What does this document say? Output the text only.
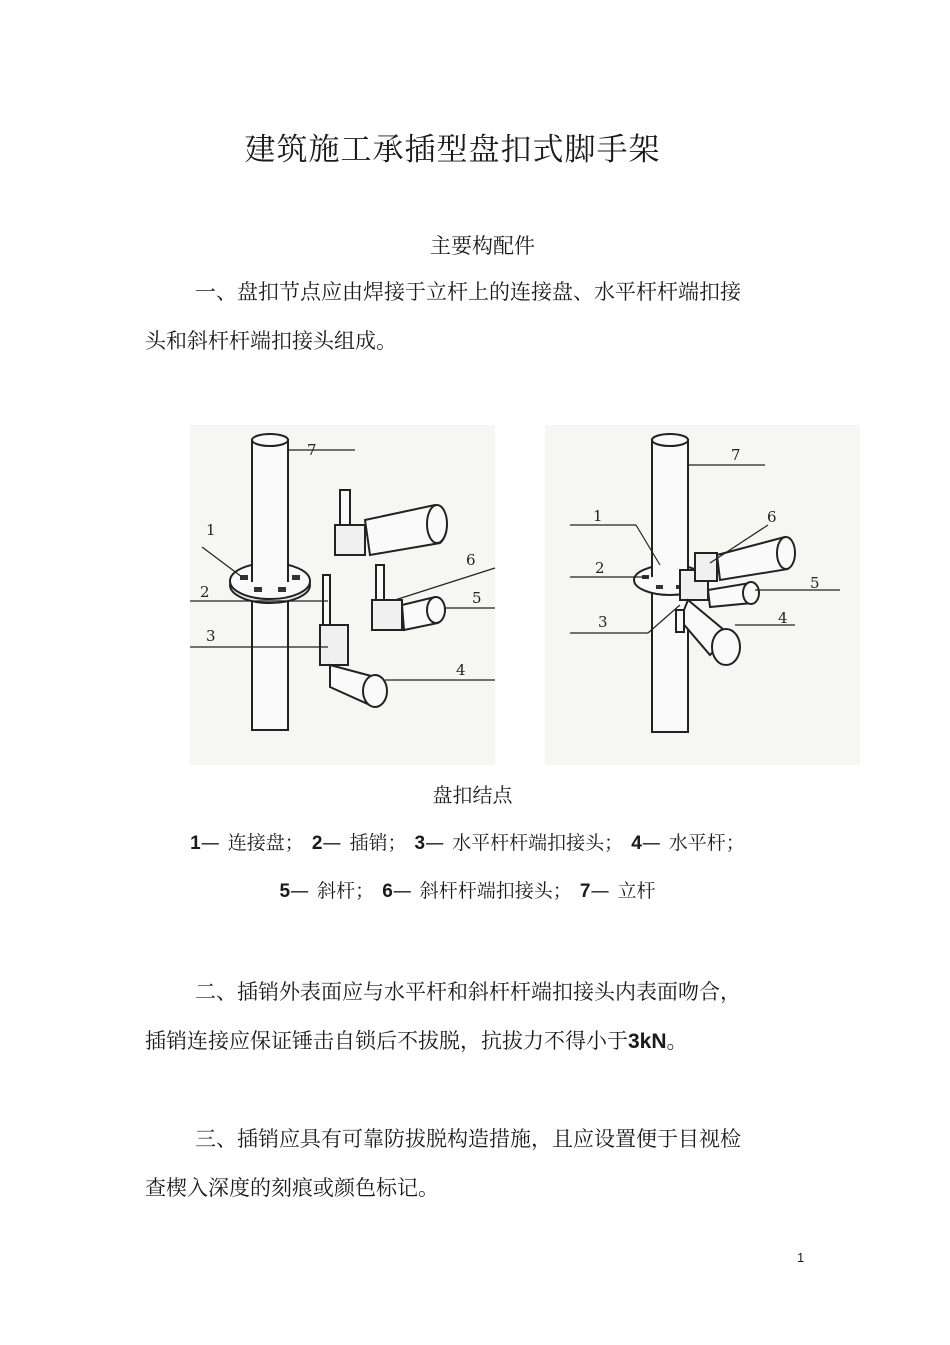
建筑施工承插型盘扣式脚手架
主要构配件

一、盘扣节点应由焊接于立杆上的连接盘、水平杆杆端扣接头和斜杆杆端扣接头组成。

7
1
2
3
4
5
6
7
1
2
3	4
5
6
盘扣结点
1— 连接盘； 2— 插销； 3— 水平杆杆端扣接头； 4— 水平杆；
5— 斜杆； 6— 斜杆杆端扣接头； 7— 立杆

二、插销外表面应与水平杆和斜杆杆端扣接头内表面吻合，插销连接应保证锤击自锁后不拔脱，抗拔力不得小于3kN。

三、插销应具有可靠防拔脱构造措施，且应设置便于目视检查楔入深度的刻痕或颜色标记。

1
